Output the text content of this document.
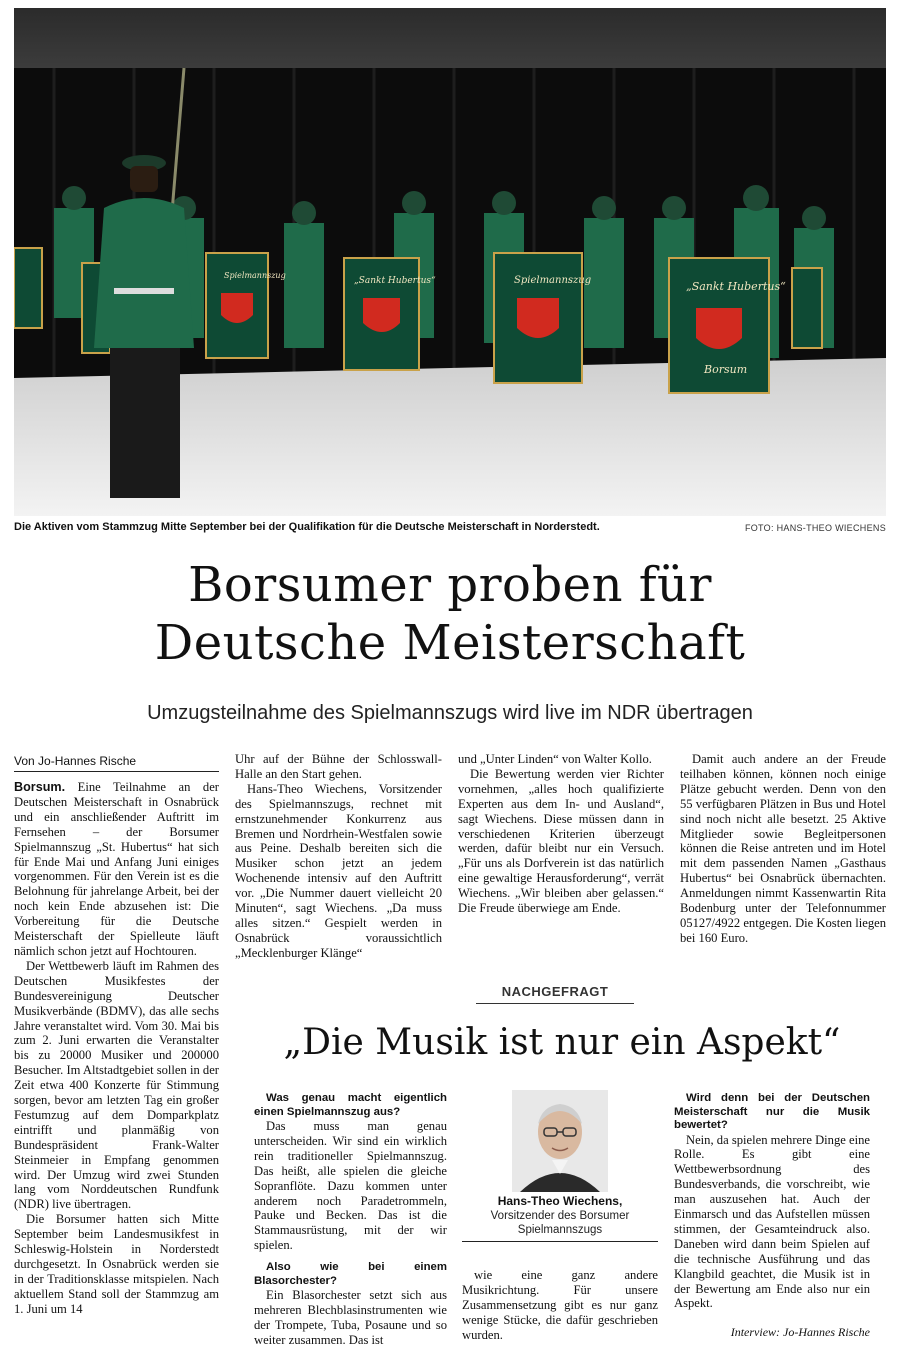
Spielmannszug
„Sankt Hubertus“	Spielmannszug	„Sankt Hubertus“
Borsum
Die Aktiven vom Stammzug Mitte September bei der Qualifikation für die Deutsche Meisterschaft in Norderstedt.	FOTO: HANS-THEO WIECHENS
Borsumer proben für
Deutsche Meisterschaft
Umzugsteilnahme des Spielmannszugs wird live im NDR übertragen
Von Jo-Hannes Rische

Borsum. Eine Teilnahme an der Deutschen Meisterschaft in Osnabrück und ein anschließender Auftritt im Fernsehen – der Borsumer Spielmannszug „St. Hubertus“ hat sich für Ende Mai und Anfang Juni einiges vorgenommen. Für den Verein ist es die Belohnung für jahrelange Arbeit, bei der noch kein Ende abzusehen ist: Die Vorbereitung für die Deutsche Meisterschaft der Spielleute läuft nämlich schon jetzt auf Hochtouren.

Der Wettbewerb läuft im Rahmen des Deutschen Musikfestes der Bundesvereinigung Deutscher Musikverbände (BDMV), das alle sechs Jahre veranstaltet wird. Vom 30. Mai bis zum 2. Juni erwarten die Veranstalter bis zu 20000 Musiker und 200000 Besucher. Im Altstadtgebiet sollen in der Zeit etwa 400 Konzerte für Stimmung sorgen, bevor am letzten Tag ein großer Festumzug auf dem Domparkplatz eintrifft und planmäßig von Bundespräsident Frank-Walter Steinmeier in Empfang genommen wird. Der Umzug wird zwei Stunden lang vom Norddeutschen Rundfunk (NDR) live übertragen.

Die Borsumer hatten sich Mitte September beim Landesmusikfest in Schleswig-Holstein in Norderstedt durchgesetzt. In Osnabrück werden sie in der Traditionsklasse mitspielen. Nach aktuellem Stand soll der Stammzug am 1. Juni um 14

Uhr auf der Bühne der Schlosswall-Halle an den Start gehen.

Hans-Theo Wiechens, Vorsitzender des Spielmannszugs, rechnet mit ernstzunehmender Konkurrenz aus Bremen und Nordrhein-Westfalen sowie aus Peine. Deshalb bereiten sich die Musiker schon jetzt an jedem Wochenende intensiv auf den Auftritt vor. „Die Nummer dauert vielleicht 20 Minuten“, sagt Wiechens. „Da muss alles sitzen.“ Gespielt werden in Osnabrück voraussichtlich „Mecklenburger Klänge“

und „Unter Linden“ von Walter Kollo.

Die Bewertung werden vier Richter vornehmen, „alles hoch qualifizierte Experten aus dem In- und Ausland“, sagt Wiechens. Diese müssen dann in verschiedenen Kriterien überzeugt werden, dafür bleibt nur ein Versuch. „Für uns als Dorfverein ist das natürlich eine gewaltige Herausforderung“, verrät Wiechens. „Wir bleiben aber gelassen.“ Die Freude überwiege am Ende.

Damit auch andere an der Freude teilhaben können, können noch einige Plätze gebucht werden. Denn von den 55 verfügbaren Plätzen in Bus und Hotel sind noch nicht alle besetzt. 25 Aktive Mitglieder sowie Begleitpersonen können die Reise antreten und im Hotel mit dem passenden Namen „Gasthaus Hubertus“ bei Osnabrück übernachten. Anmeldungen nimmt Kassenwartin Rita Bodenburg unter der Telefonnummer 05127/4922 entgegen. Die Kosten liegen bei 160 Euro.

NACHGEFRAGT
„Die Musik ist nur ein Aspekt“

Was genau macht eigentlich einen Spielmannszug aus?

Das muss man genau unterscheiden. Wir sind ein wirklich rein traditioneller Spielmannszug. Das heißt, alle spielen die gleiche Sopranflöte. Dazu kommen unter anderem noch Paradetrommeln, Pauke und Becken. Das ist die Stammausrüstung, mit der wir spielen.

Also wie bei einem Blasorchester?

Ein Blasorchester setzt sich aus mehreren Blechblasinstrumenten wie der Trompete, Tuba, Posaune und so weiter zusammen. Das ist

Hans-Theo Wiechens,
Vorsitzender des Borsumer Spielmannszugs

wie eine ganz andere Musikrichtung. Für unsere Zusammensetzung gibt es nur ganz wenige Stücke, die dafür geschrieben wurden.

Wird denn bei der Deutschen Meisterschaft nur die Musik bewertet?

Nein, da spielen mehrere Dinge eine Rolle. Es gibt eine Wettbewerbsordnung des Bundesverbands, die vorschreibt, wie man auszusehen hat. Auch der Einmarsch und das Aufstellen müssen stimmen, der Gesamteindruck also. Daneben wird dann beim Spielen auf die technische Ausführung und das Klangbild geachtet, die Musik ist in der Bewertung am Ende also nur ein Aspekt.

Interview: Jo-Hannes Rische
